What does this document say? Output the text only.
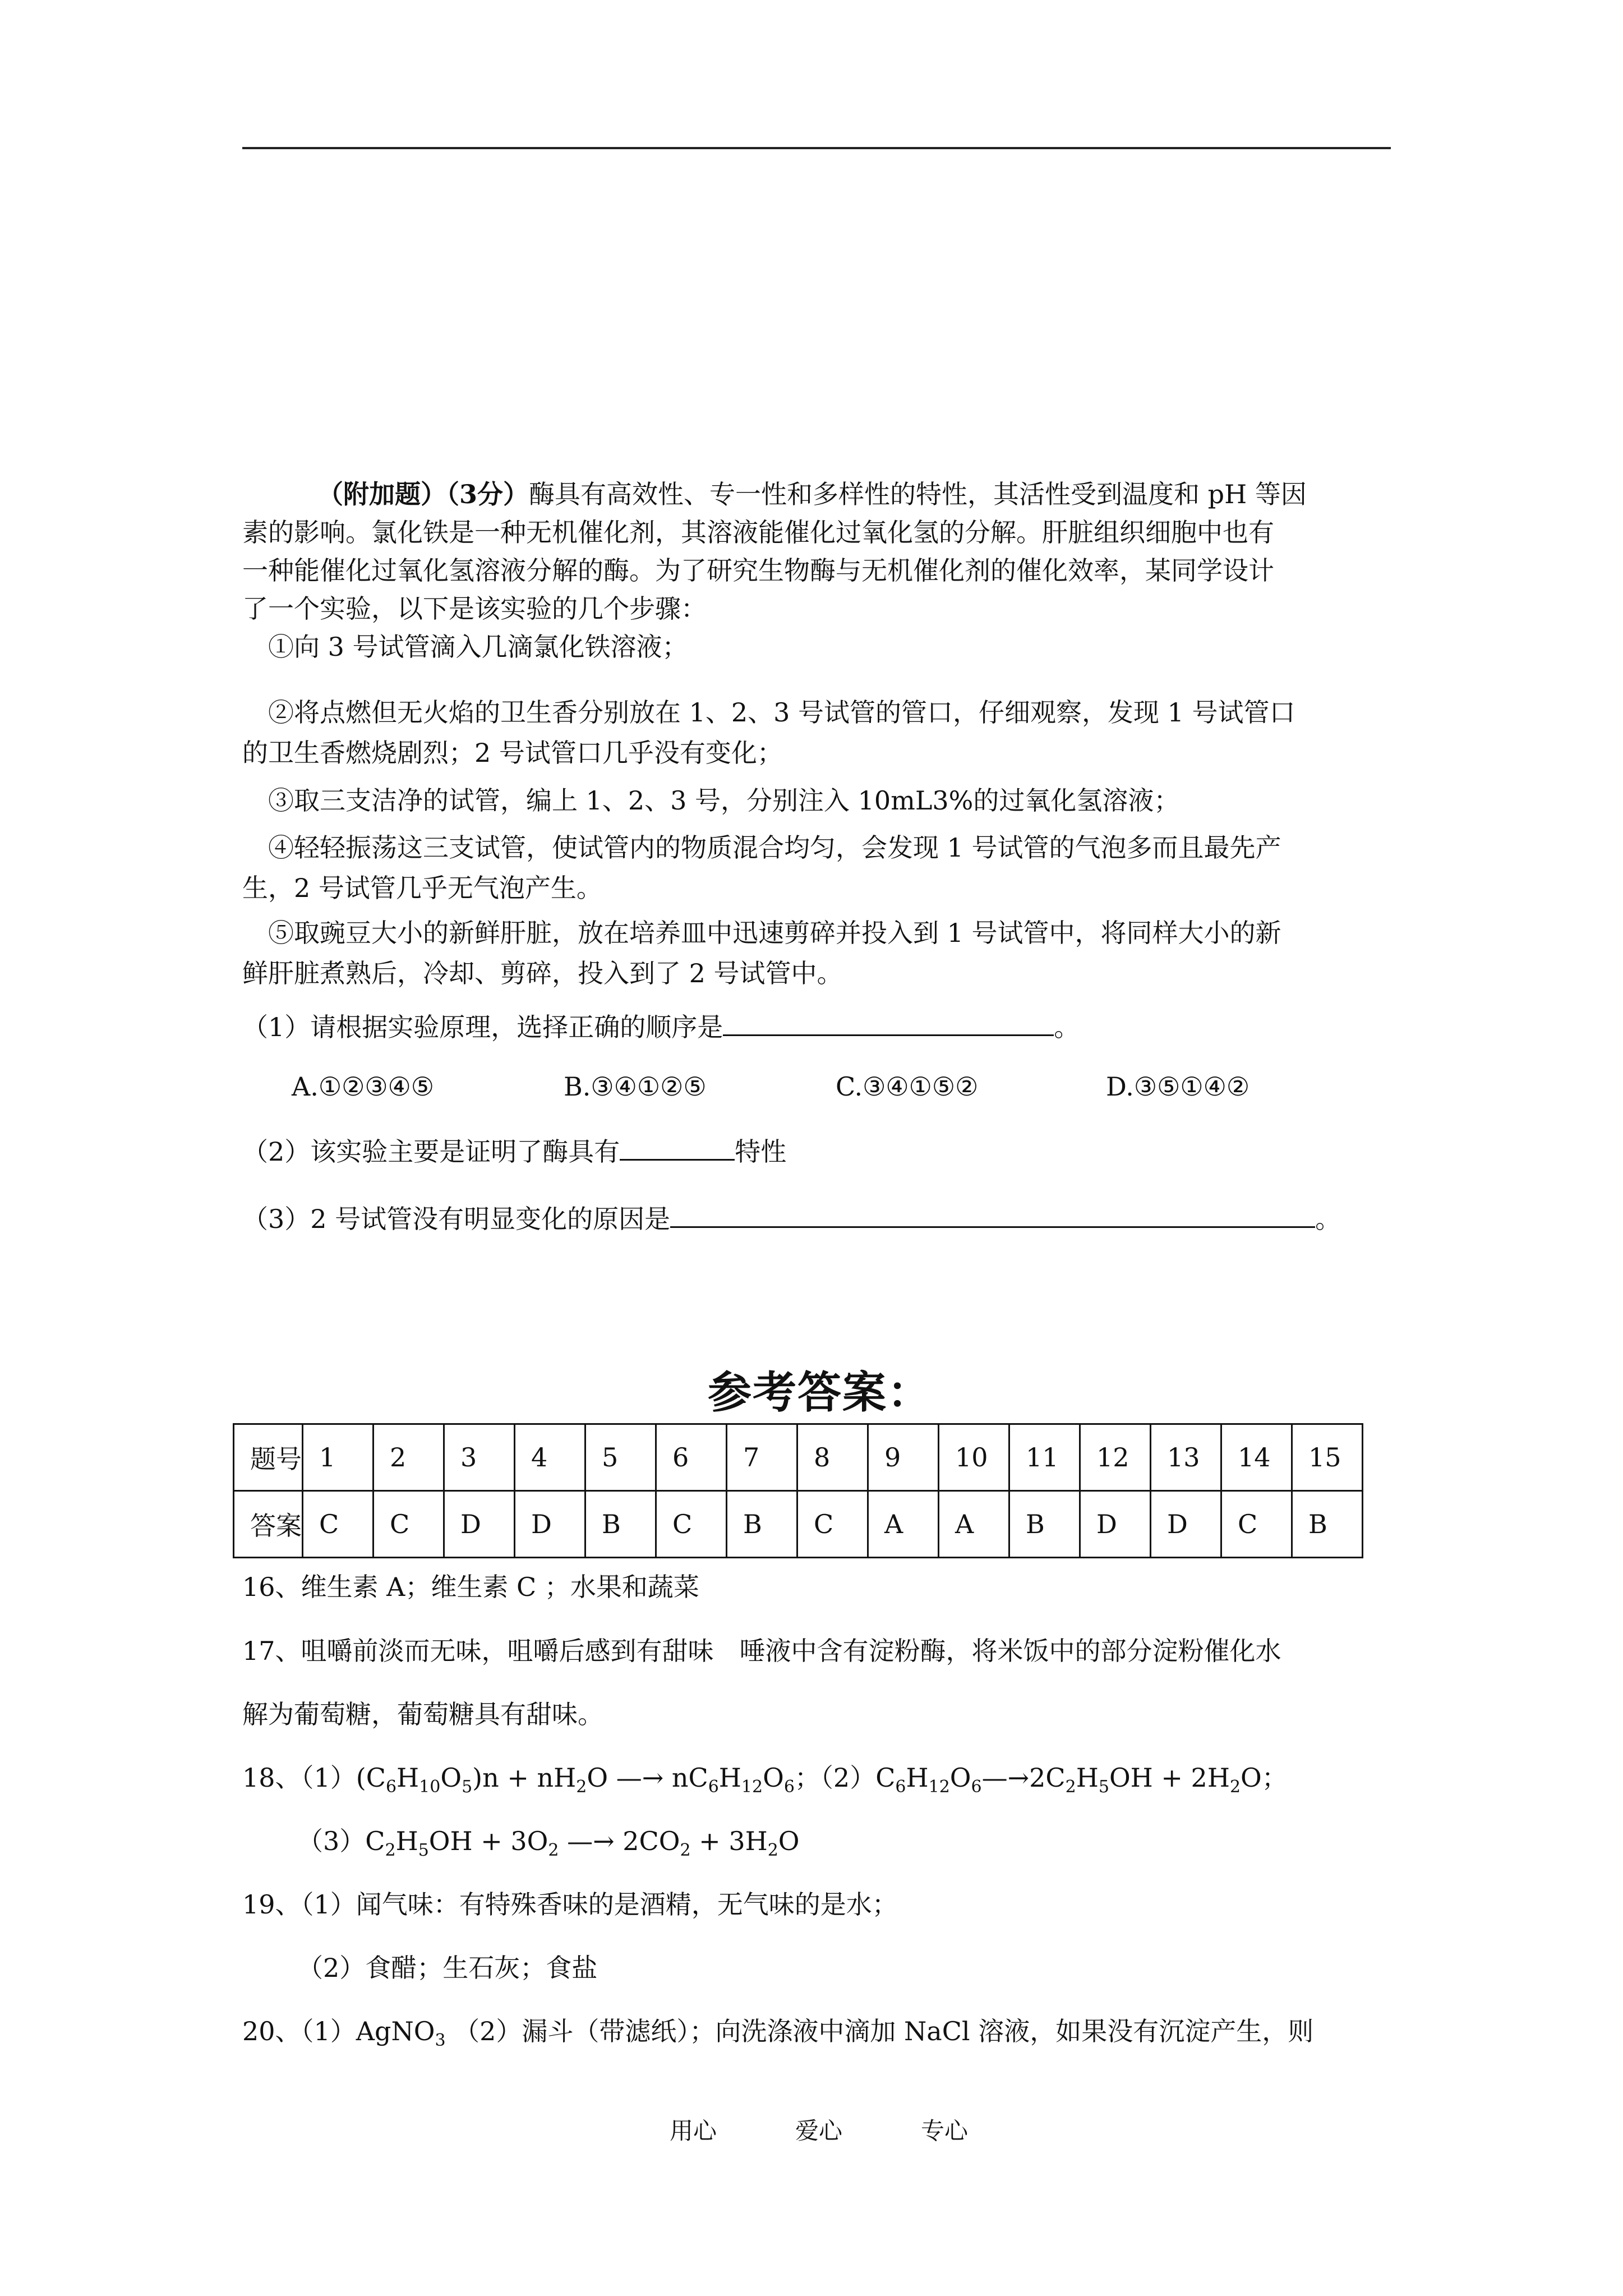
（附加题）（3分）酶具有高效性、专一性和多样性的特性，其活性受到温度和 pH 等因
素的影响。氯化铁是一种无机催化剂，其溶液能催化过氧化氢的分解。肝脏组织细胞中也有
一种能催化过氧化氢溶液分解的酶。为了研究生物酶与无机催化剂的催化效率，某同学设计
了一个实验，以下是该实验的几个步骤：
①向 3 号试管滴入几滴氯化铁溶液；
②将点燃但无火焰的卫生香分别放在 1、2、3 号试管的管口，仔细观察，发现 1 号试管口
的卫生香燃烧剧烈；2 号试管口几乎没有变化；
③取三支洁净的试管，编上 1、2、3 号，分别注入 10mL3%的过氧化氢溶液；
④轻轻振荡这三支试管，使试管内的物质混合均匀，会发现 1 号试管的气泡多而且最先产
生，2 号试管几乎无气泡产生。
⑤取豌豆大小的新鲜肝脏，放在培养皿中迅速剪碎并投入到 1 号试管中，将同样大小的新
鲜肝脏煮熟后，冷却、剪碎，投入到了 2 号试管中。
（1）请根据实验原理，选择正确的顺序是	。
A.①②③④⑤	B.③④①②⑤	C.③④①⑤②	D.③⑤①④②
（2）该实验主要是证明了酶具有	特性
（3）2 号试管没有明显变化的原因是	。
参考答案：
题号	1	2	3	4	5	6	7	8	9	10	11	12	13	14	15
答案	C	C	D	D	B	C	B	C	A	A	B	D	D	C	B
16、维生素 A；维生素 C ；水果和蔬菜
17、咀嚼前淡而无味，咀嚼后感到有甜味　唾液中含有淀粉酶，将米饭中的部分淀粉催化水
解为葡萄糖，葡萄糖具有甜味。
18、$(1)(C_6H_{10}O_5)n + nH_2O$ —→ $nC_6H_{12}O_6$；$(2)C_6H_{12}O_6—\to 2C_2H_5OH + 2H_2O$；
$(3)C_2H_5OH + 3O_2$ —→ $2CO_2 + 3H_2O$
19、（1）闻气味：有特殊香味的是酒精，无气味的是水；
（2）食醋；生石灰；食盐
20、（1）AgNO$_3$ （2）漏斗（带滤纸）；向洗涤液中滴加 NaCl 溶液，如果没有沉淀产生，则
用心	爱心	专心
